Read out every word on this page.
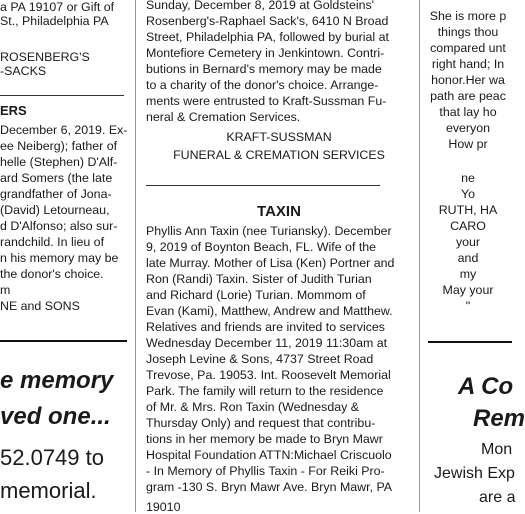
a PA 19107 or Gift of
St., Philadelphia PA
ROSENBERG'S
-SACKS
ERS
December 6, 2019. Ex-
ee Neiberg); father of
helle (Stephen) D'Alf-
ard Somers (the late
grandfather of Jona-
(David) Letourneau,
d D'Alfonso; also sur-
randchild. In lieu of
n his memory may be
the donor's choice.
m
NE and SONS
e memory
ved one...
52.0749 to
memorial.
Sunday, December 8, 2019 at Goldsteins'
Rosenberg's-Raphael Sack's, 6410 N Broad
Street, Philadelphia PA, followed by burial at
Montefiore Cemetery in Jenkintown. Contri-
butions in Bernard's memory may be made
to a charity of the donor's choice. Arrange-
ments were entrusted to Kraft-Sussman Fu-
neral & Cremation Services.
KRAFT-SUSSMAN
FUNERAL & CREMATION SERVICES
TAXIN
Phyllis Ann Taxin (nee Turiansky). December
9, 2019 of Boynton Beach, FL. Wife of the
late Murray. Mother of Lisa (Ken) Portner and
Ron (Randi) Taxin. Sister of Judith Turian
and Richard (Lorie) Turian. Mommom of
Evan (Kami), Matthew, Andrew and Matthew.
Relatives and friends are invited to services
Wednesday December 11, 2019 11:30am at
Joseph Levine & Sons, 4737 Street Road
Trevose, Pa. 19053. Int. Roosevelt Memorial
Park. The family will return to the residence
of Mr. & Mrs. Ron Taxin (Wednesday &
Thursday Only) and request that contribu-
tions in her memory be made to Bryn Mawr
Hospital Foundation ATTN:Michael Criscuolo
- In Memory of Phyllis Taxin - For Reiki Pro-
gram -130 S. Bryn Mawr Ave. Bryn Mawr, PA
19010
She is more p
things thou
compared unt
right hand; In
honor.Her wa
path are peac
that lay ho
everyon
How pr
ne
Yo
RUTH, HA
CARO
your
and
my
May your
"
A Co
Rem
Mon
Jewish Exp
are a
